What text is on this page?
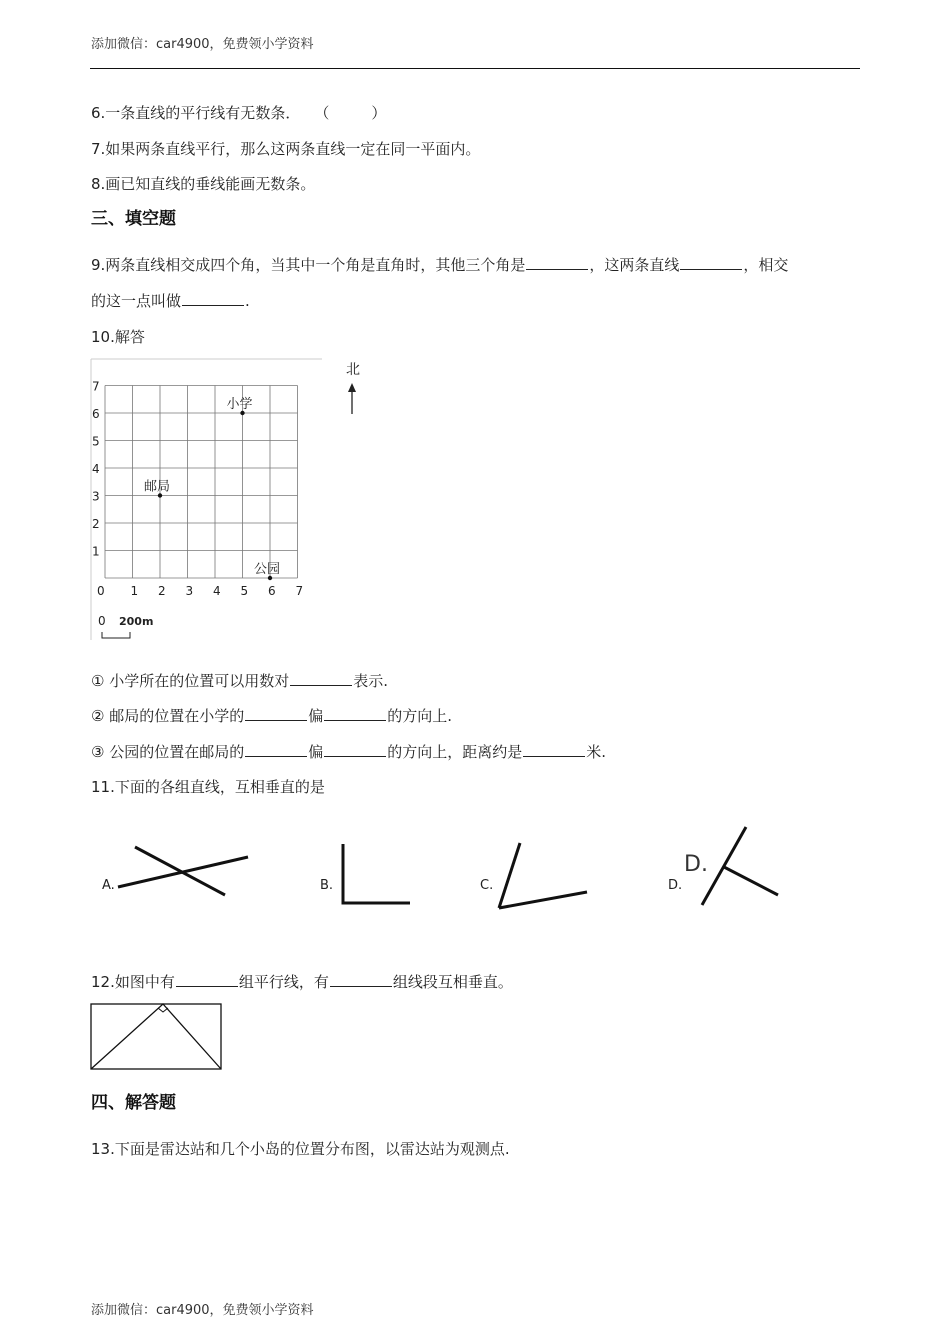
添加微信：car4900，免费领小学资料
添加微信：car4900，免费领小学资料
6.一条直线的平行线有无数条． （	）
7.如果两条直线平行，那么这两条直线一定在同一平面内。
8.画已知直线的垂线能画无数条。
三、填空题
9.两条直线相交成四个角，当其中一个角是直角时，其他三个角是	，这两条直线	，相交
的这一点叫做	.
10.解答
0 1 2 3 4 5 6 7
1
2
3
4
5
6
7
小学
邮局
公园
北
0 200m
① 小学所在的位置可以用数对	表示.
② 邮局的位置在小学的	偏	的方向上.
③ 公园的位置在邮局的	偏	的方向上，距离约是	米.
11.下面的各组直线，互相垂直的是
A.	B.	C.	D.
D.
12.如图中有	组平行线，有	组线段互相垂直。
四、解答题
13.下面是雷达站和几个小岛的位置分布图，以雷达站为观测点.
